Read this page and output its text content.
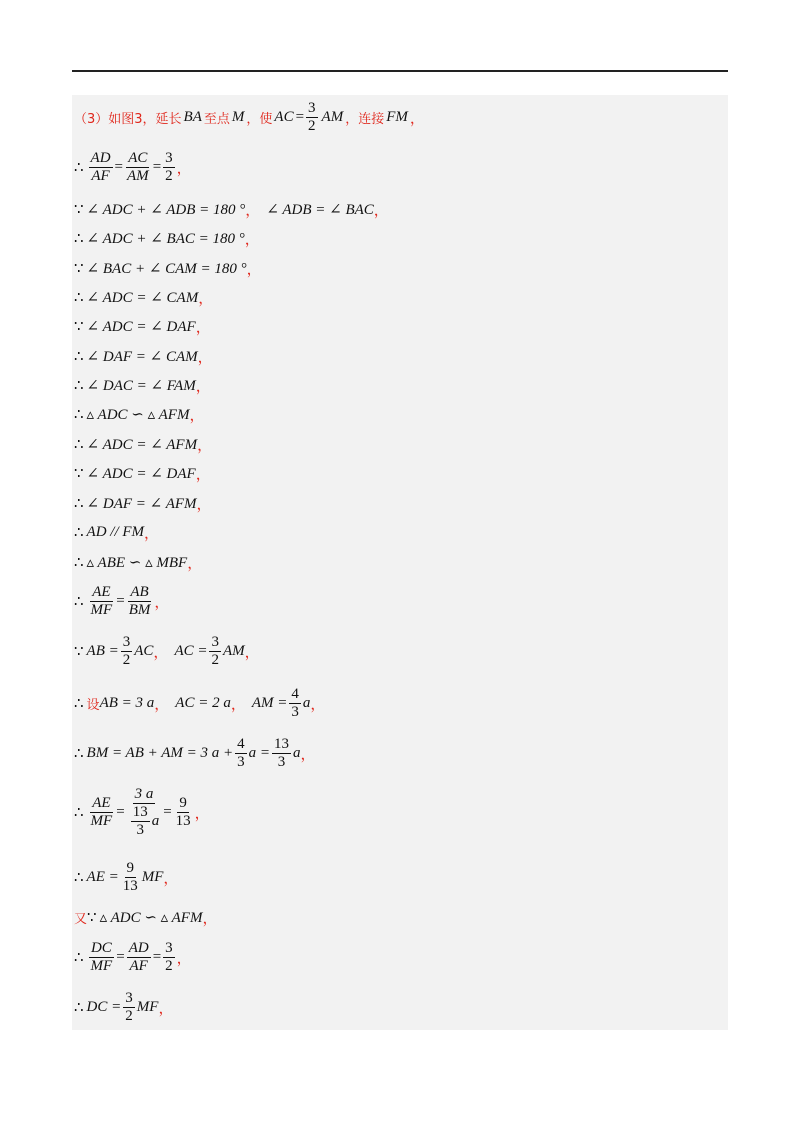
（3）如图3，延长 BA 至点 M ，使 AC = $\frac{3}{2}$ AM ，连接 FM ，
∴ $\frac{AD}{AF} = \frac{AC}{AM} = \frac{3}{2}$ ，
∵ ∠ ADC + ∠ ADB = 180 ° ， ∠ ADB = ∠ BAC ，
∴ ∠ ADC + ∠ BAC = 180 ° ，
∵ ∠ BAC + ∠ CAM = 180 ° ，
∴ ∠ ADC = ∠ CAM ，
∵ ∠ ADC = ∠ DAF ，
∴ ∠ DAF = ∠ CAM ，
∴ ∠ DAC = ∠ FAM ，
∴ ▵ ADC ∽ ▵ AFM ，
∴ ∠ ADC = ∠ AFM ，
∵ ∠ ADC = ∠ DAF ，
∴ ∠ DAF = ∠ AFM ，
∴ AD // FM ，
∴ ▵ ABE ∽ ▵ MBF ，
∴ $\frac{AE}{MF} = \frac{AB}{BM}$ ，
∵ AB = $\frac{3}{2}$ AC ， AC = $\frac{3}{2}$ AM ，
∴ 设 AB = 3 a ， AC = 2 a ， AM = $\frac{4}{3}$ a ，
∴ BM = AB + AM = 3 $a + \frac{4}{3}$ $a = \frac{13}{3}$ a ，
∴ $\frac{AE}{MF} = \frac{3 a}{\frac{13}{3} a} = \frac{9}{13}$ ，
∴ AE = $\frac{9}{13}$ MF ，
又 ∵ ▵ ADC ∽ ▵ AFM ，
∴ $\frac{DC}{MF} = \frac{AD}{AF} = \frac{3}{2}$ ，
∴ DC = $\frac{3}{2}$ MF ，
